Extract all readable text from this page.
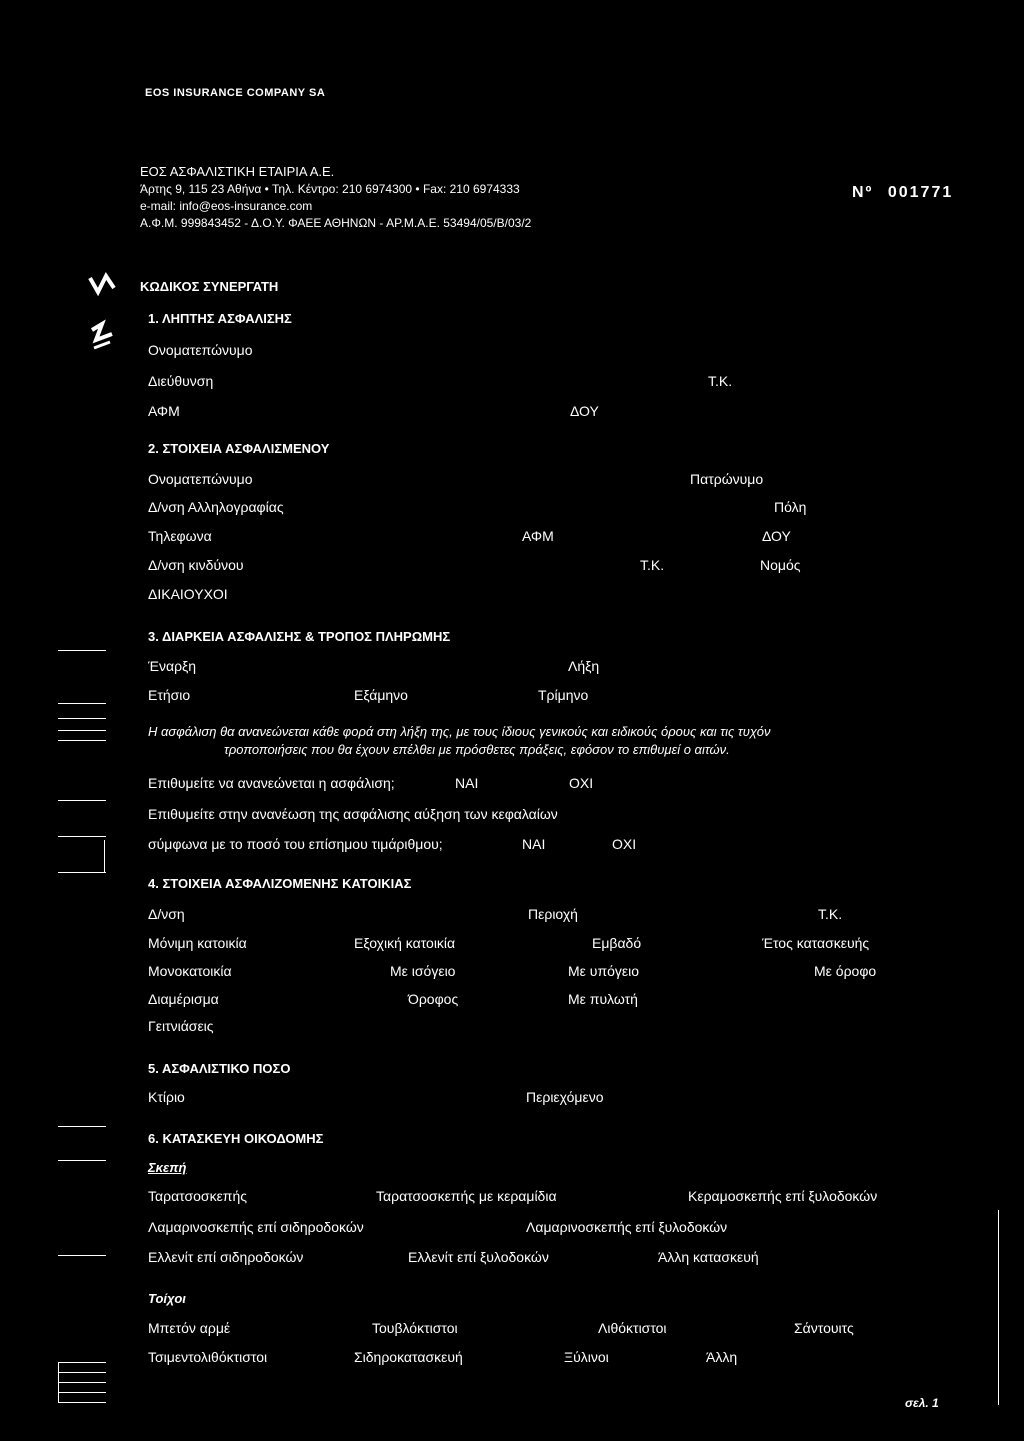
EOS INSURANCE COMPANY SA
ΕΟΣ ΑΣΦΑΛΙΣΤΙΚΗ ΕΤΑΙΡΙΑ Α.Ε.
Άρτης 9, 115 23 Αθήνα • Τηλ. Κέντρο: 210 6974300 • Fax: 210 6974333
e-mail: info@eos-insurance.com
Α.Φ.Μ. 999843452 - Δ.Ο.Υ. ΦΑΕΕ ΑΘΗΝΩΝ - ΑΡ.Μ.Α.Ε. 53494/05/Β/03/2
Nº 001771
ΚΩΔΙΚΟΣ ΣΥΝΕΡΓΑΤΗ
1. ΛΗΠΤΗΣ ΑΣΦΑΛΙΣΗΣ
Ονοματεπώνυμο
Διεύθυνση	Τ.Κ.
ΑΦΜ	ΔΟΥ
2. ΣΤΟΙΧΕΙΑ ΑΣΦΑΛΙΣΜΕΝΟΥ
Ονοματεπώνυμο	Πατρώνυμο
Δ/νση Αλληλογραφίας	Πόλη
Τηλεφωνα	ΑΦΜ	ΔΟΥ
Δ/νση κινδύνου	Τ.Κ.	Νομός
ΔΙΚΑΙΟΥΧΟΙ
3. ΔΙΑΡΚΕΙΑ ΑΣΦΑΛΙΣΗΣ & ΤΡΟΠΟΣ ΠΛΗΡΩΜΗΣ
Έναρξη	Λήξη
Ετήσιο	Εξάμηνο	Τρίμηνο
Η ασφάλιση θα ανανεώνεται κάθε φορά στη λήξη της, με τους ίδιους γενικούς και ειδικούς όρους και τις τυχόν
τροποποιήσεις που θα έχουν επέλθει με πρόσθετες πράξεις, εφόσον το επιθυμεί ο αιτών.
Επιθυμείτε να ανανεώνεται η ασφάλιση;	ΝΑΙ	ΟΧΙ
Επιθυμείτε στην ανανέωση της ασφάλισης αύξηση των κεφαλαίων
σύμφωνα με το ποσό του επίσημου τιμάριθμου;	ΝΑΙ	ΟΧΙ
4. ΣΤΟΙΧΕΙΑ ΑΣΦΑΛΙΖΟΜΕΝΗΣ ΚΑΤΟΙΚΙΑΣ
Δ/νση	Περιοχή	Τ.Κ.
Μόνιμη κατοικία	Εξοχική κατοικία	Εμβαδό	Έτος κατασκευής
Μονοκατοικία	Με ισόγειο	Με υπόγειο	Με όροφο
Διαμέρισμα	Όροφος	Με πυλωτή
Γειτνιάσεις
5. ΑΣΦΑΛΙΣΤΙΚΟ ΠΟΣΟ
Κτίριο	Περιεχόμενο
6. ΚΑΤΑΣΚΕΥΗ ΟΙΚΟΔΟΜΗΣ
Σκεπή
Ταρατσοσκεπής	Ταρατσοσκεπής με κεραμίδια	Κεραμοσκεπής επί ξυλοδοκών
Λαμαρινοσκεπής επί σιδηροδοκών	Λαμαρινοσκεπής επί ξυλοδοκών
Ελλενίτ επί σιδηροδοκών	Ελλενίτ επί ξυλοδοκών	Άλλη κατασκευή
Τοίχοι
Μπετόν αρμέ	Τουβλόκτιστοι	Λιθόκτιστοι	Σάντουιτς
Τσιμεντολιθόκτιστοι	Σιδηροκατασκευή	Ξύλινοι	Άλλη
σελ. 1
